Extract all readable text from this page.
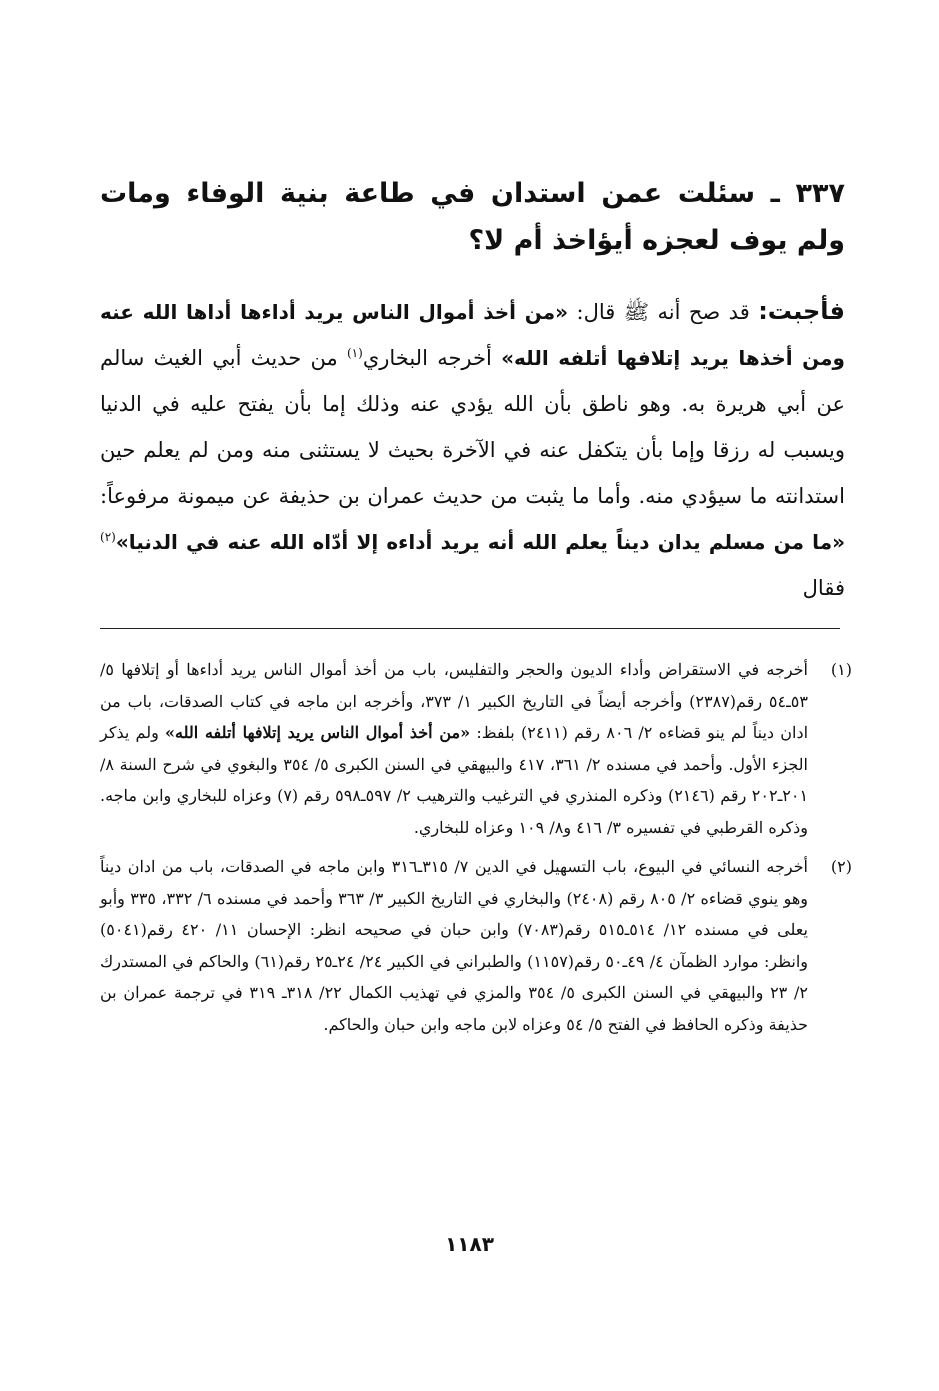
٣٣٧ ـ سئلت عمن استدان في طاعة بنية الوفاء ومات ولم يوف لعجزه أيؤاخذ أم لا؟

فأجبت: قد صح أنه ﷺ قال: «من أخذ أموال الناس يريد أداءها أداها الله عنه ومن أخذها يريد إتلافها أتلفه الله» أخرجه البخاري$^{(١)}$ من حديث أبي الغيث سالم عن أبي هريرة به. وهو ناطق بأن الله يؤدي عنه وذلك إما بأن يفتح عليه في الدنيا ويسبب له رزقا وإما بأن يتكفل عنه في الآخرة بحيث لا يستثنى منه ومن لم يعلم حين استدانته ما سيؤدي منه. وأما ما يثبت من حديث عمران بن حذيفة عن ميمونة مرفوعاً: «ما من مسلم يدان ديناً يعلم الله أنه يريد أداءه إلا أدّاه الله عنه في الدنيا»$^{(٢)}$ فقال

(١)
أخرجه في الاستقراض وأداء الديون والحجر والتفليس، باب من أخذ أموال الناس يريد أداءها أو إتلافها ٥/ ٥٣ـ٥٤ رقم(٢٣٨٧) وأخرجه أيضاً في التاريخ الكبير ١/ ٣٧٣، وأخرجه ابن ماجه في كتاب الصدقات، باب من ادان ديناً لم ينو قضاءه ٢/ ٨٠٦ رقم (٢٤١١) بلفظ: «من أخذ أموال الناس يريد إتلافها أتلفه الله» ولم يذكر الجزء الأول. وأحمد في مسنده ٢/ ٣٦١، ٤١٧ والبيهقي في السنن الكبرى ٥/ ٣٥٤ والبغوي في شرح السنة ٨/ ٢٠١ـ٢٠٢ رقم (٢١٤٦) وذكره المنذري في الترغيب والترهيب ٢/ ٥٩٧ـ٥٩٨ رقم (٧) وعزاه للبخاري وابن ماجه. وذكره القرطبي في تفسيره ٣/ ٤١٦ و٨/ ١٠٩ وعزاه للبخاري.
(٢)
أخرجه النسائي في البيوع، باب التسهيل في الدين ٧/ ٣١٥ـ٣١٦ وابن ماجه في الصدقات، باب من ادان ديناً وهو ينوي قضاءه ٢/ ٨٠٥ رقم (٢٤٠٨) والبخاري في التاريخ الكبير ٣/ ٣٦٣ وأحمد في مسنده ٦/ ٣٣٢، ٣٣٥ وأبو يعلى في مسنده ١٢/ ٥١٤ـ٥١٥ رقم(٧٠٨٣) وابن حبان في صحيحه انظر: الإحسان ١١/ ٤٢٠ رقم(٥٠٤١) وانظر: موارد الظمآن ٤/ ٤٩ـ٥٠ رقم(١١٥٧) والطبراني في الكبير ٢٤/ ٢٤ـ٢٥ رقم(٦١) والحاكم في المستدرك ٢/ ٢٣ والبيهقي في السنن الكبرى ٥/ ٣٥٤ والمزي في تهذيب الكمال ٢٢/ ٣١٨ـ ٣١٩ في ترجمة عمران بن حذيفة وذكره الحافظ في الفتح ٥/ ٥٤ وعزاه لابن ماجه وابن حبان والحاكم.
١١٨٣
